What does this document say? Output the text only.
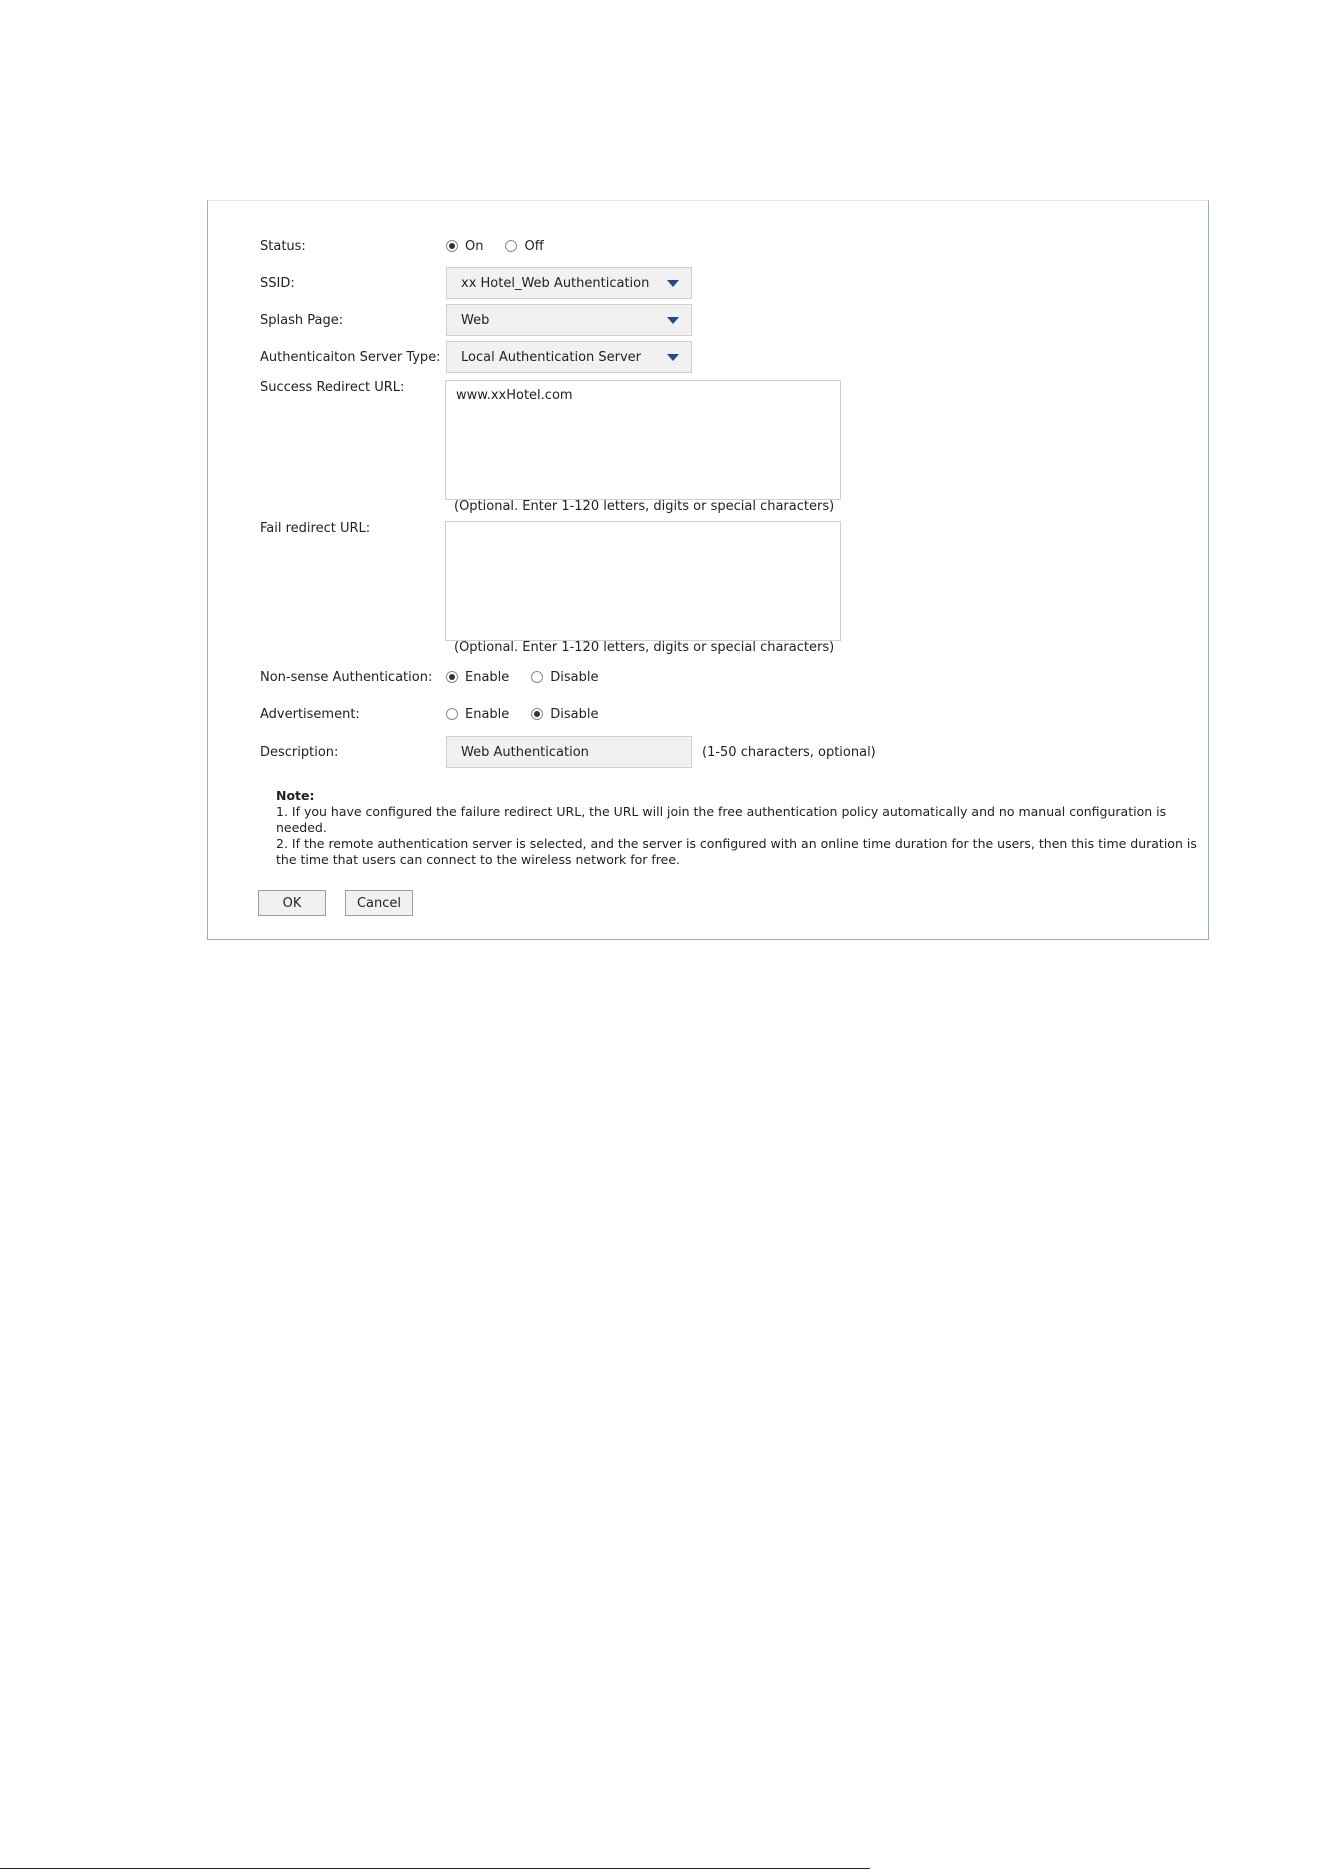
Status:	On	Off
SSID:	xx Hotel_Web Authentication
Splash Page:	Web
Authenticaiton Server Type:	Local Authentication Server
Success Redirect URL:
www.xxHotel.com
(Optional. Enter 1-120 letters, digits or special characters)
Fail redirect URL:
(Optional. Enter 1-120 letters, digits or special characters)
Non-sense Authentication:	Enable	Disable
Advertisement:	Enable	Disable
Description:
Web Authentication	(1-50 characters, optional)
Note:
1. If you have configured the failure redirect URL, the URL will join the free authentication policy automatically and no manual configuration is needed.
2. If the remote authentication server is selected, and the server is configured with an online time duration for the users, then this time duration is the time that users can connect to the wireless network for free.
OK	Cancel
